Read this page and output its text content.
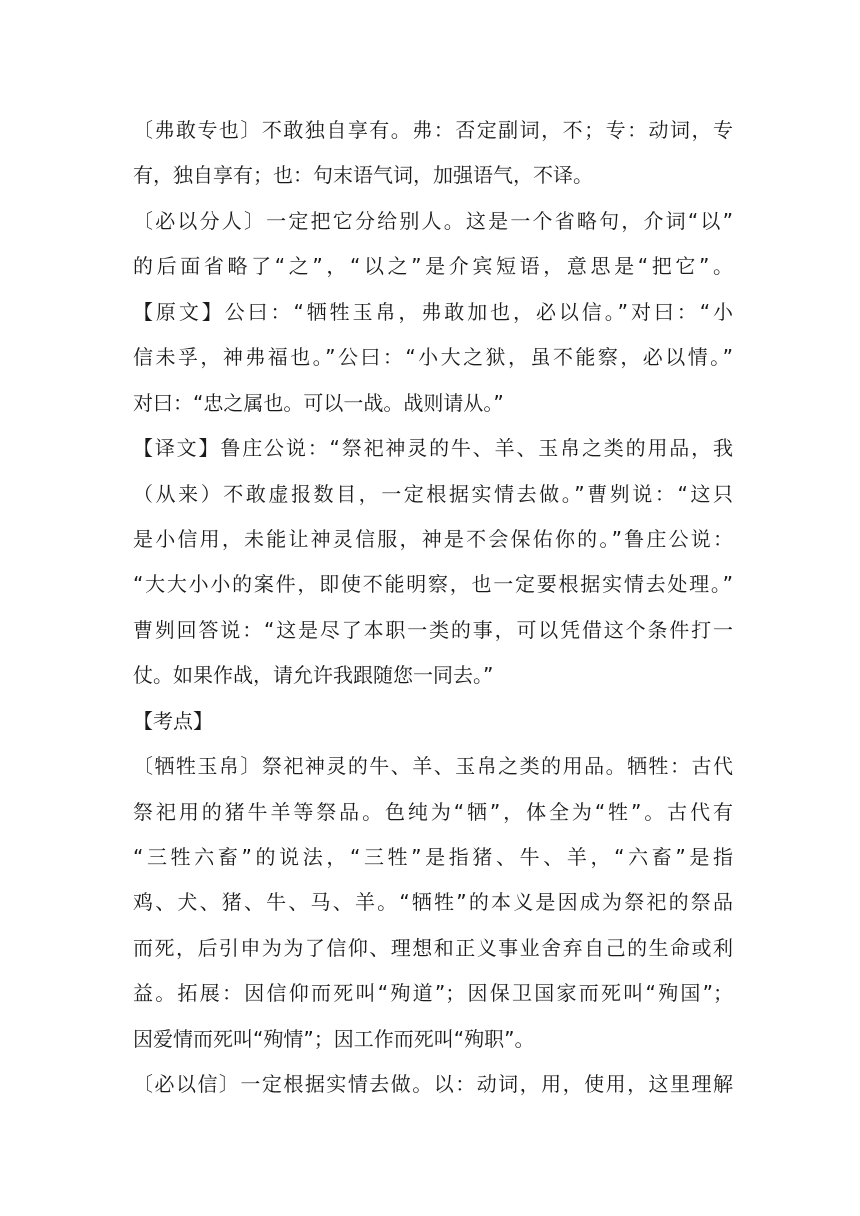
〔弗敢专也〕不敢独自享有。弗：否定副词，不；专：动词，专
有，独自享有；也：句末语气词，加强语气，不译。
〔必以分人〕一定把它分给别人。这是一个省略句，介词“以”
的后面省略了“之”，“以之”是介宾短语，意思是“把它”。
【原文】公曰：“牺牲玉帛，弗敢加也，必以信。”对曰：“小
信未孚，神弗福也。”公曰：“小大之狱，虽不能察，必以情。”
对曰：“忠之属也。可以一战。战则请从。”
【译文】鲁庄公说：“祭祀神灵的牛、羊、玉帛之类的用品，我
（从来）不敢虚报数目，一定根据实情去做。”曹刿说：“这只
是小信用，未能让神灵信服，神是不会保佑你的。”鲁庄公说：
“大大小小的案件，即使不能明察，也一定要根据实情去处理。”
曹刿回答说：“这是尽了本职一类的事，可以凭借这个条件打一
仗。如果作战，请允许我跟随您一同去。”
【考点】
〔牺牲玉帛〕祭祀神灵的牛、羊、玉帛之类的用品。牺牲：古代
祭祀用的猪牛羊等祭品。色纯为“牺”，体全为“牲”。古代有
“三牲六畜”的说法，“三牲”是指猪、牛、羊，“六畜”是指
鸡、犬、猪、牛、马、羊。“牺牲”的本义是因成为祭祀的祭品
而死，后引申为为了信仰、理想和正义事业舍弃自己的生命或利
益。拓展：因信仰而死叫“殉道”；因保卫国家而死叫“殉国”；
因爱情而死叫“殉情”；因工作而死叫“殉职”。
〔必以信〕一定根据实情去做。以：动词，用，使用，这里理解
